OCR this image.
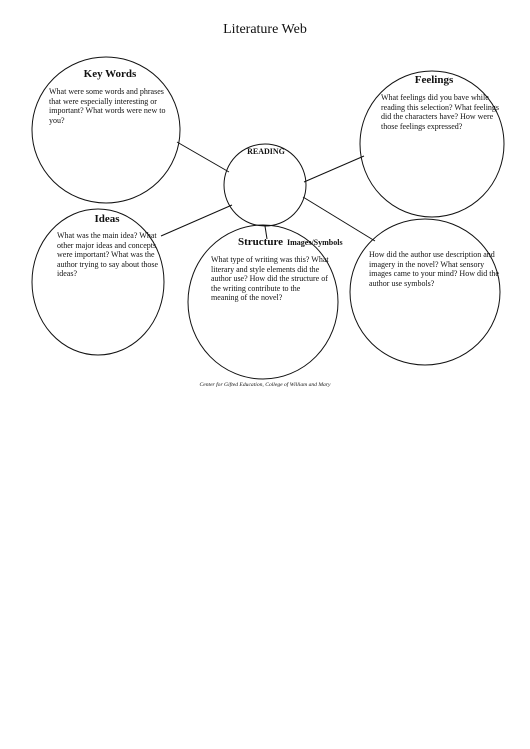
Literature Web
READING
Key Words
What were some words and phrases that were especially interesting or important? What words were new to you?
Feelings
What feelings did you bave while reading this selection? What feelings did the characters have? How were those feelings expressed?
Ideas
What was the main idea? What other major ideas and concepts were important? What was the author trying to say about those ideas?
Structure Images/Symbols
What type of writing was this? What literary and style elements did the author use? How did the structure of the writing contribute to the meaning of the novel?
How did the author use description and imagery in the novel? What sensory images came to your mind? How did the author use symbols?
Center for Gifted Education, College of William and Mary
